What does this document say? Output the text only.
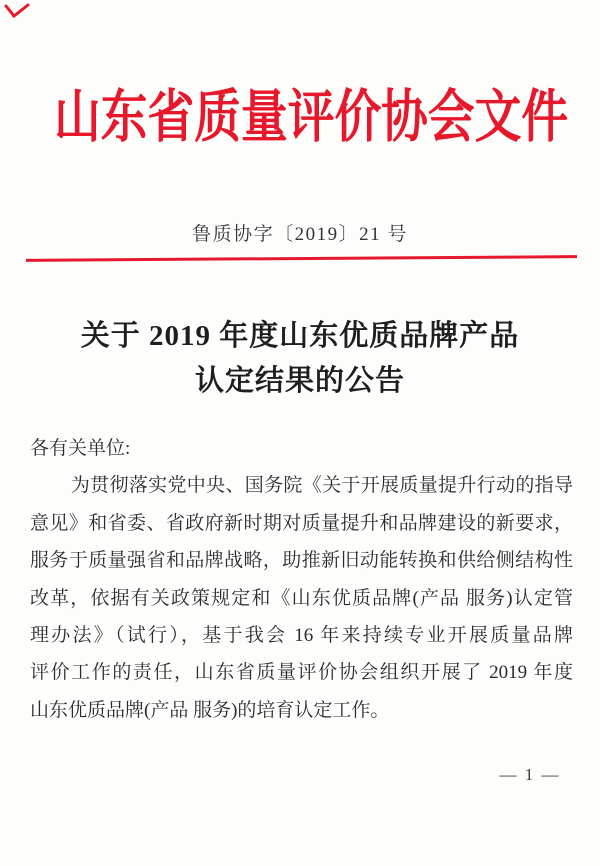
山东省质量评价协会文件
鲁质协字〔2019〕21 号
关于 2019 年度山东优质品牌产品
认定结果的公告
各有关单位:
为贯彻落实党中央、国务院《关于开展质量提升行动的指导
意见》和省委、省政府新时期对质量提升和品牌建设的新要求，
服务于质量强省和品牌战略，助推新旧动能转换和供给侧结构性
改革，依据有关政策规定和《山东优质品牌(产品 服务)认定管
理办法》（试行），基于我会 16 年来持续专业开展质量品牌
评价工作的责任，山东省质量评价协会组织开展了 2019 年度
山东优质品牌(产品 服务)的培育认定工作。
— 1 —
